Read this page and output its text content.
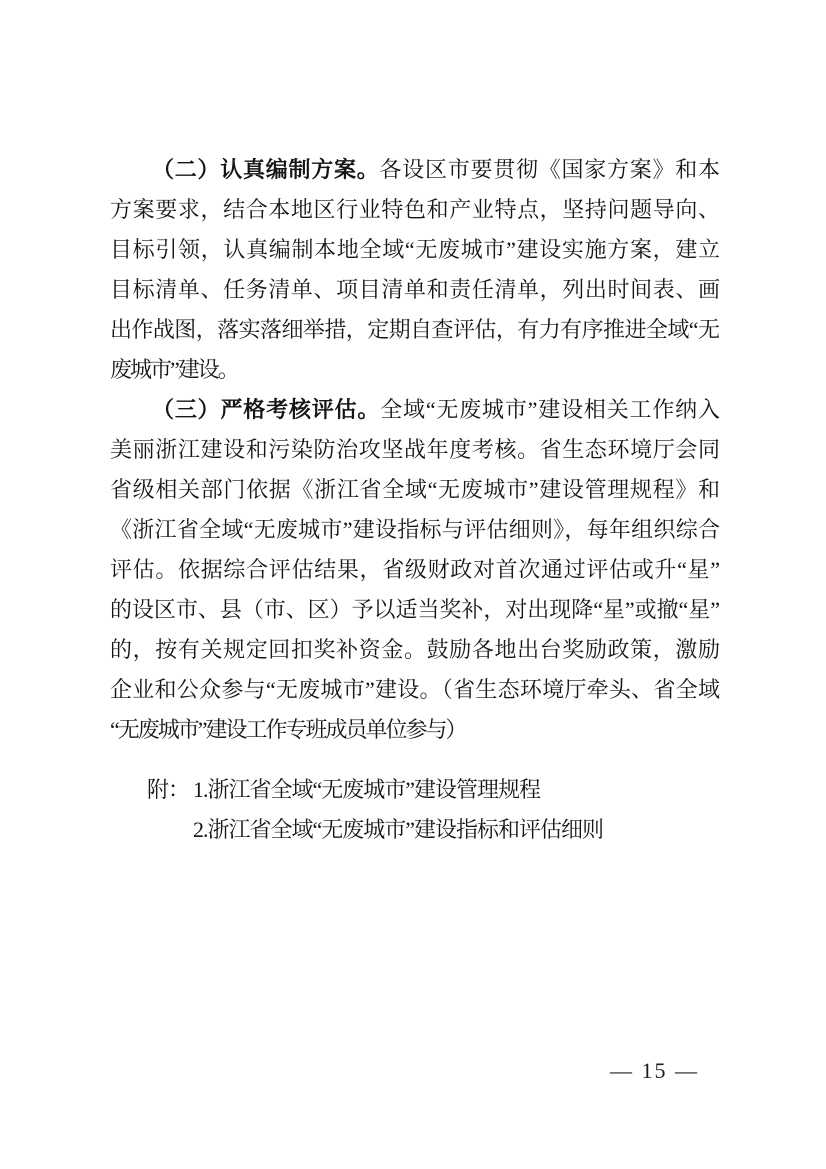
（二）认真编制方案。各设区市要贯彻《国家方案》和本
方案要求，结合本地区行业特色和产业特点，坚持问题导向、
目标引领，认真编制本地全域“无废城市”建设实施方案，建立
目标清单、任务清单、项目清单和责任清单，列出时间表、画
出作战图，落实落细举措，定期自查评估，有力有序推进全域“无
废城市”建设。
（三）严格考核评估。全域“无废城市”建设相关工作纳入
美丽浙江建设和污染防治攻坚战年度考核。省生态环境厅会同
省级相关部门依据《浙江省全域“无废城市”建设管理规程》和
《浙江省全域“无废城市”建设指标与评估细则》，每年组织综合
评估。依据综合评估结果，省级财政对首次通过评估或升“星”
的设区市、县（市、区）予以适当奖补，对出现降“星”或撤“星”
的，按有关规定回扣奖补资金。鼓励各地出台奖励政策，激励
企业和公众参与“无废城市”建设。（省生态环境厅牵头、省全域
“无废城市”建设工作专班成员单位参与）
附： 1.浙江省全域“无废城市”建设管理规程
2.浙江省全域“无废城市”建设指标和评估细则
— 15 —
